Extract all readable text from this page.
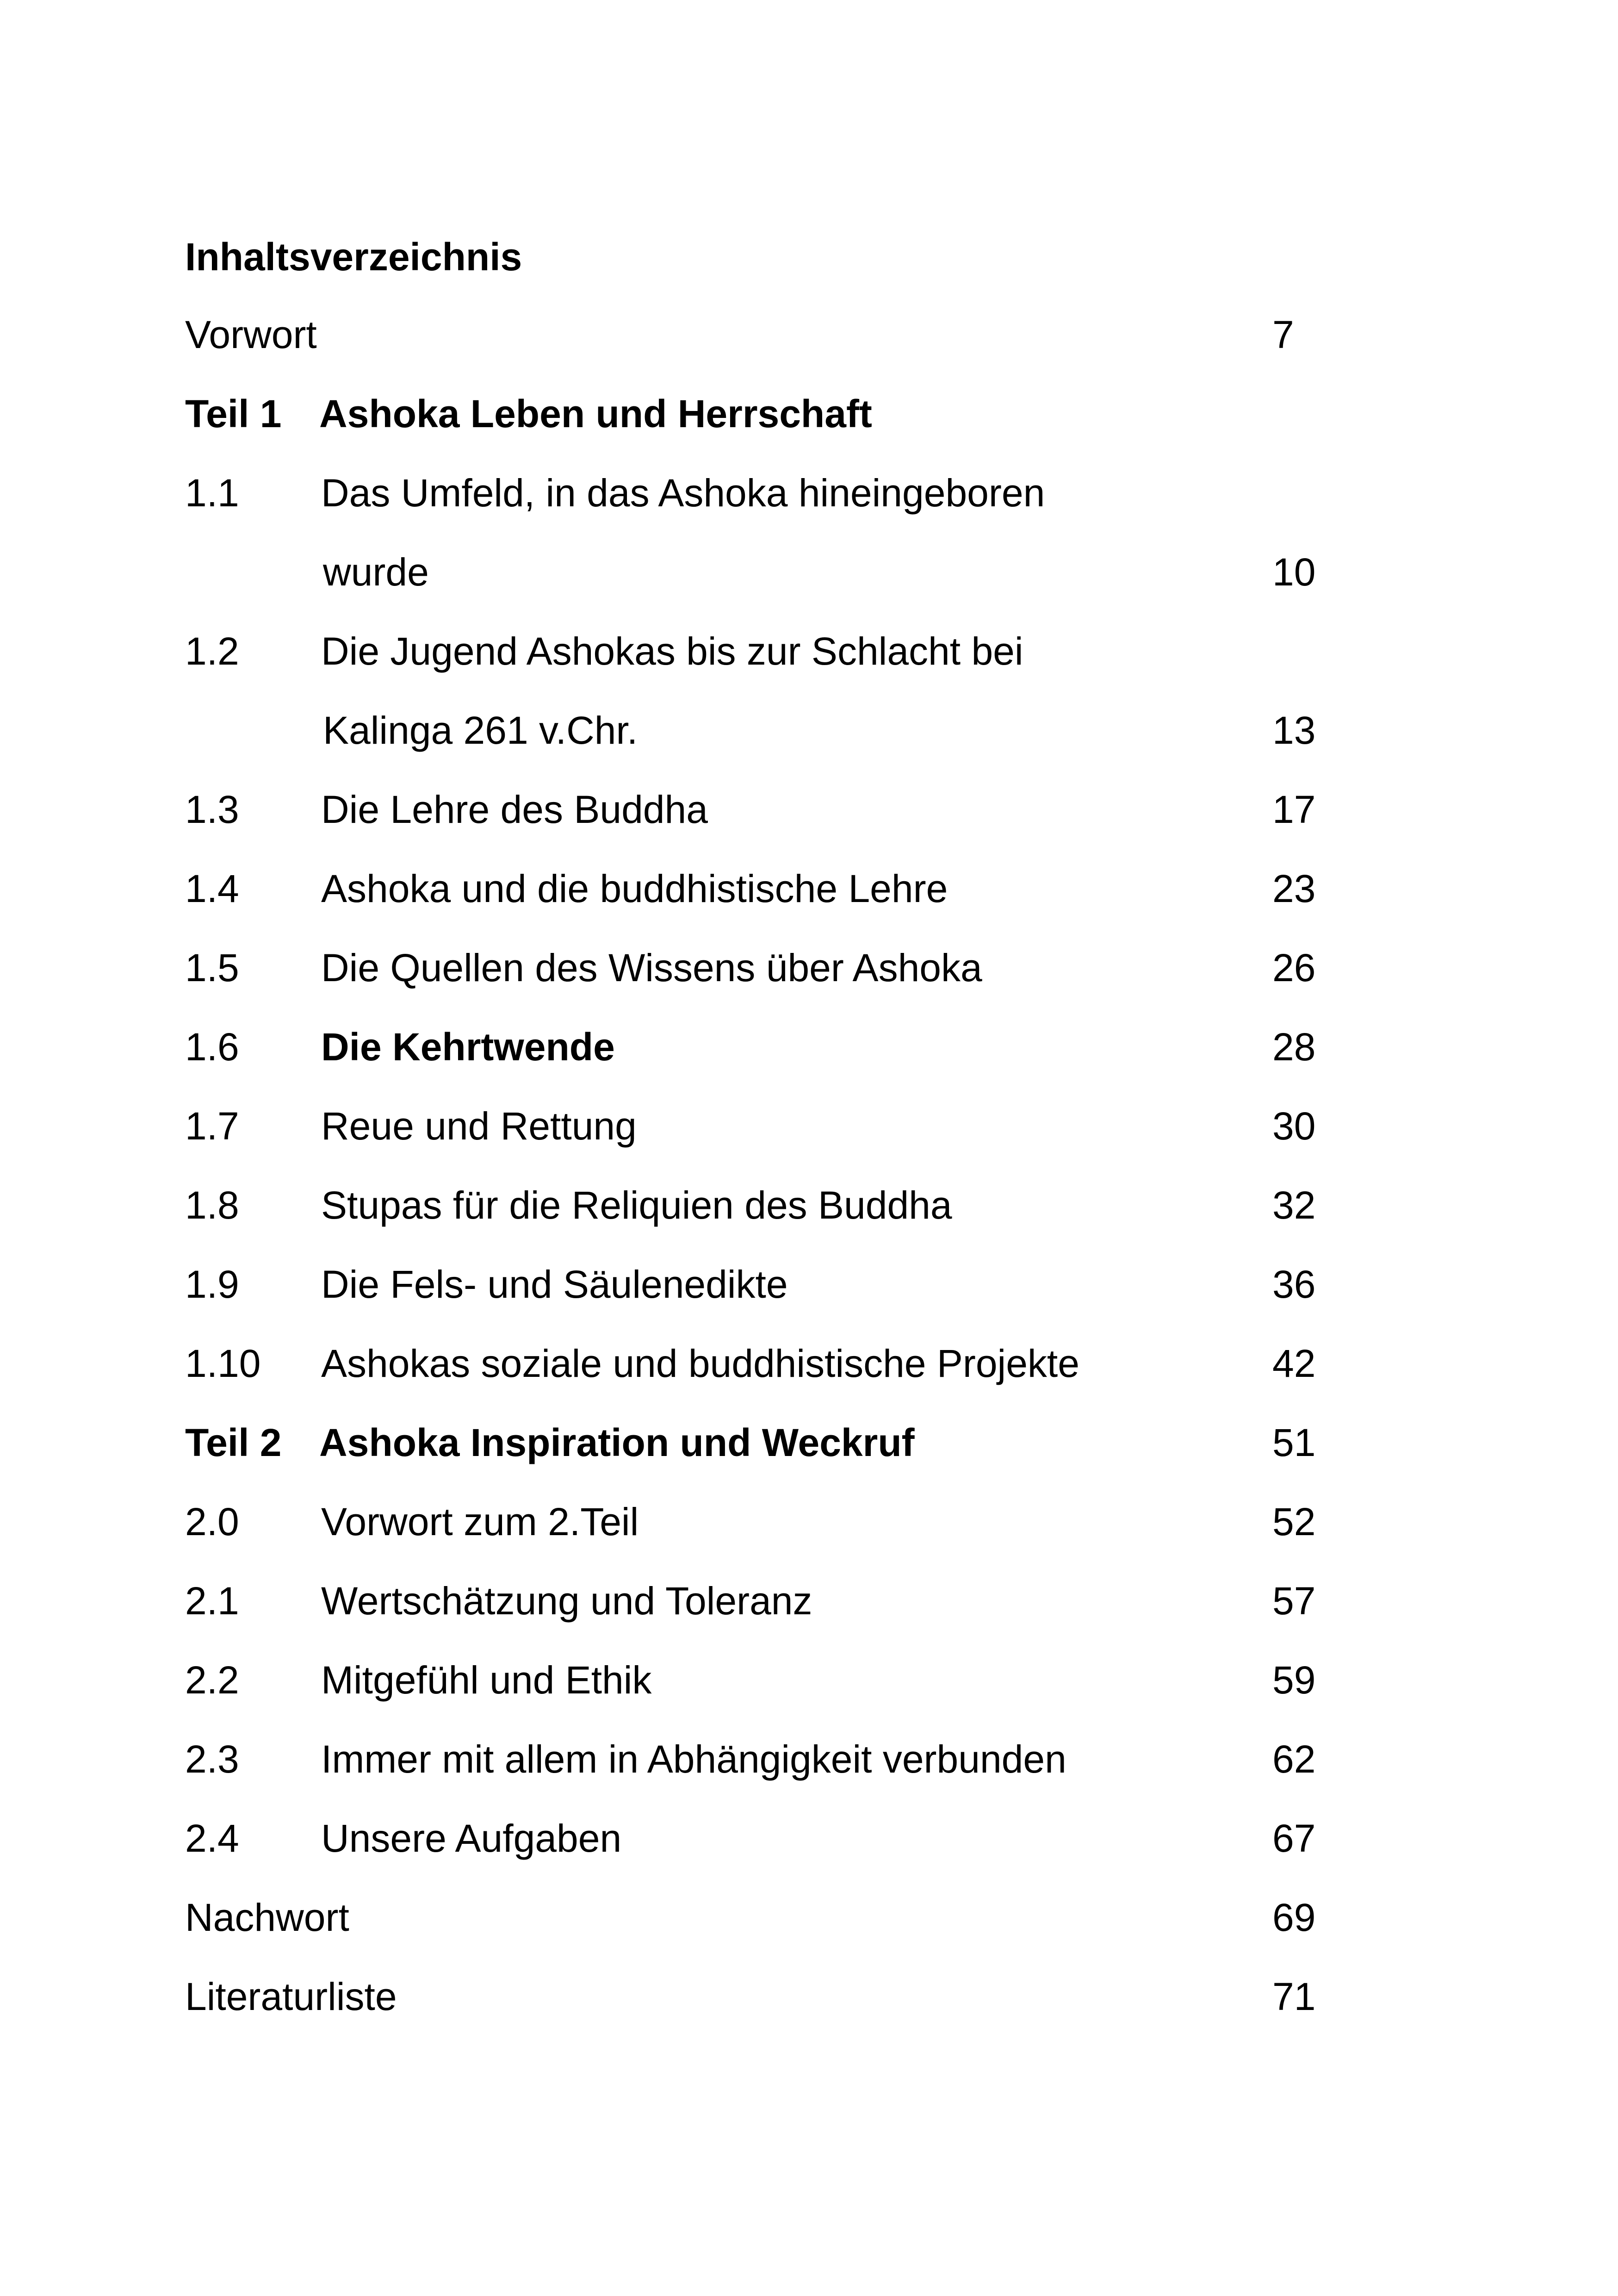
Inhaltsverzeichnis
Vorwort	7
Teil 1 Ashoka Leben und Herrschaft
1.1 Das Umfeld, in das Ashoka hineingeboren
wurde	10
1.2 Die Jugend Ashokas bis zur Schlacht bei
Kalinga 261 v.Chr.	13
1.3 Die Lehre des Buddha	17
1.4 Ashoka und die buddhistische Lehre	23
1.5 Die Quellen des Wissens über Ashoka	26
1.6 Die Kehrtwende	28
1.7 Reue und Rettung	30
1.8 Stupas für die Reliquien des Buddha	32
1.9 Die Fels- und Säulenedikte	36
1.10 Ashokas soziale und buddhistische Projekte	42
Teil 2 Ashoka Inspiration und Weckruf	51
2.0 Vorwort zum 2.Teil	52
2.1 Wertschätzung und Toleranz	57
2.2 Mitgefühl und Ethik	59
2.3 Immer mit allem in Abhängigkeit verbunden	62
2.4 Unsere Aufgaben	67
Nachwort	69
Literaturliste	71
